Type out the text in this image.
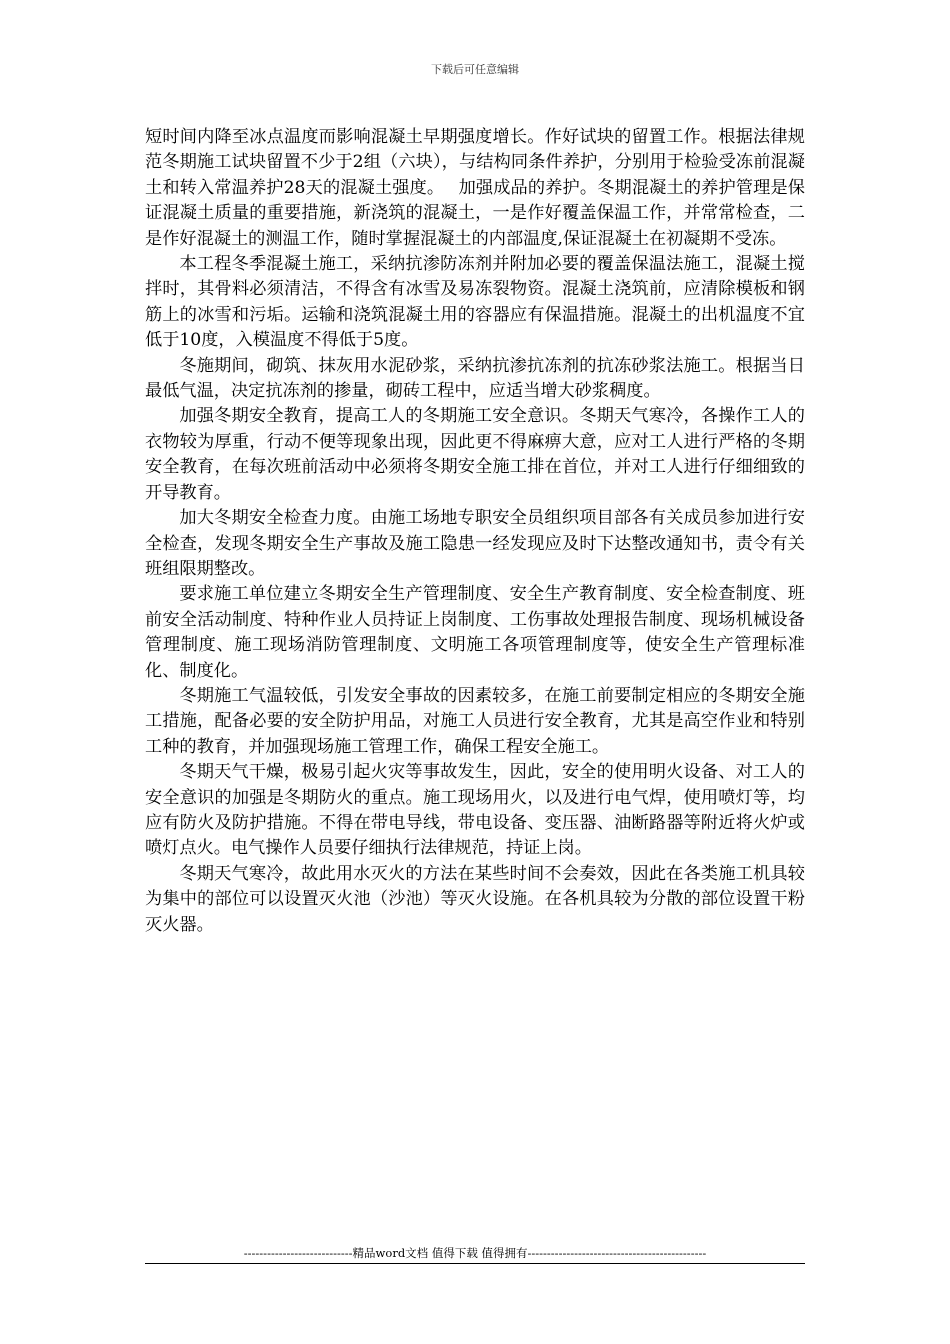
下载后可任意编辑

短时间内降至冰点温度而影响混凝土早期强度增长。作好试块的留置工作。根据法律规范冬期施工试块留置不少于2组（六块），与结构同条件养护，分别用于检验受冻前混凝土和转入常温养护28天的混凝土强度。　 加强成品的养护。冬期混凝土的养护管理是保证混凝土质量的重要措施，新浇筑的混凝土，一是作好覆盖保温工作，并常常检查，二是作好混凝土的测温工作，随时掌握混凝土的内部温度,保证混凝土在初凝期不受冻。

本工程冬季混凝土施工，采纳抗渗防冻剂并附加必要的覆盖保温法施工，混凝土搅拌时，其骨料必须清洁，不得含有冰雪及易冻裂物资。混凝土浇筑前，应清除模板和钢筋上的冰雪和污垢。运输和浇筑混凝土用的容器应有保温措施。混凝土的出机温度不宜低于10度，入模温度不得低于5度。

冬施期间，砌筑、抹灰用水泥砂浆，采纳抗渗抗冻剂的抗冻砂浆法施工。根据当日最低气温，决定抗冻剂的掺量，砌砖工程中，应适当增大砂浆稠度。

加强冬期安全教育，提高工人的冬期施工安全意识。冬期天气寒冷，各操作工人的衣物较为厚重，行动不便等现象出现，因此更不得麻痹大意，应对工人进行严格的冬期安全教育，在每次班前活动中必须将冬期安全施工排在首位，并对工人进行仔细细致的开导教育。

加大冬期安全检查力度。由施工场地专职安全员组织项目部各有关成员参加进行安全检查，发现冬期安全生产事故及施工隐患一经发现应及时下达整改通知书，责令有关班组限期整改。

要求施工单位建立冬期安全生产管理制度、安全生产教育制度、安全检查制度、班前安全活动制度、特种作业人员持证上岗制度、工伤事故处理报告制度、现场机械设备管理制度、施工现场消防管理制度、文明施工各项管理制度等，使安全生产管理标准化、制度化。

冬期施工气温较低，引发安全事故的因素较多，在施工前要制定相应的冬期安全施工措施，配备必要的安全防护用品，对施工人员进行安全教育，尤其是高空作业和特别工种的教育，并加强现场施工管理工作，确保工程安全施工。

冬期天气干燥，极易引起火灾等事故发生，因此，安全的使用明火设备、对工人的安全意识的加强是冬期防火的重点。施工现场用火，以及进行电气焊，使用喷灯等，均应有防火及防护措施。不得在带电导线，带电设备、变压器、油断路器等附近将火炉或喷灯点火。电气操作人员要仔细执行法律规范，持证上岗。

冬期天气寒冷，故此用水灭火的方法在某些时间不会奏效，因此在各类施工机具较为集中的部位可以设置灭火池（沙池）等灭火设施。在各机具较为分散的部位设置干粉灭火器。

----------------------------精品word文档 值得下载 值得拥有----------------------------------------------
